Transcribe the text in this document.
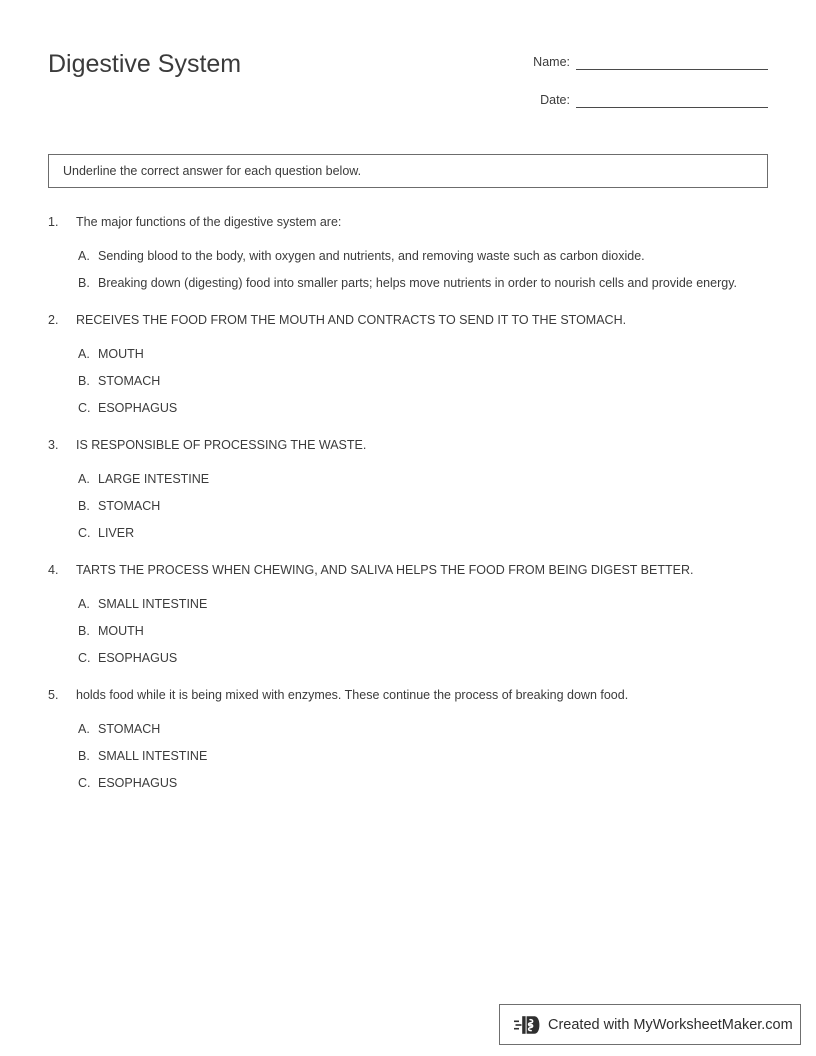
Digestive System	Name:
Date:
Underline the correct answer for each question below.
1.	The major functions of the digestive system are:
A. Sending blood to the body, with oxygen and nutrients, and removing waste such as carbon dioxide.
B. Breaking down (digesting) food into smaller parts; helps move nutrients in order to nourish cells and provide energy.
2.	RECEIVES THE FOOD FROM THE MOUTH AND CONTRACTS TO SEND IT TO THE STOMACH.
A. MOUTH
B. STOMACH
C. ESOPHAGUS
3.	IS RESPONSIBLE OF PROCESSING THE WASTE.
A. LARGE INTESTINE
B. STOMACH
C. LIVER
4.	TARTS THE PROCESS WHEN CHEWING, AND SALIVA HELPS THE FOOD FROM BEING DIGEST BETTER.
A. SMALL INTESTINE
B. MOUTH
C. ESOPHAGUS
5.	holds food while it is being mixed with enzymes. These continue the process of breaking down food.
A. STOMACH
B. SMALL INTESTINE
C. ESOPHAGUS
Created with MyWorksheetMaker.com
